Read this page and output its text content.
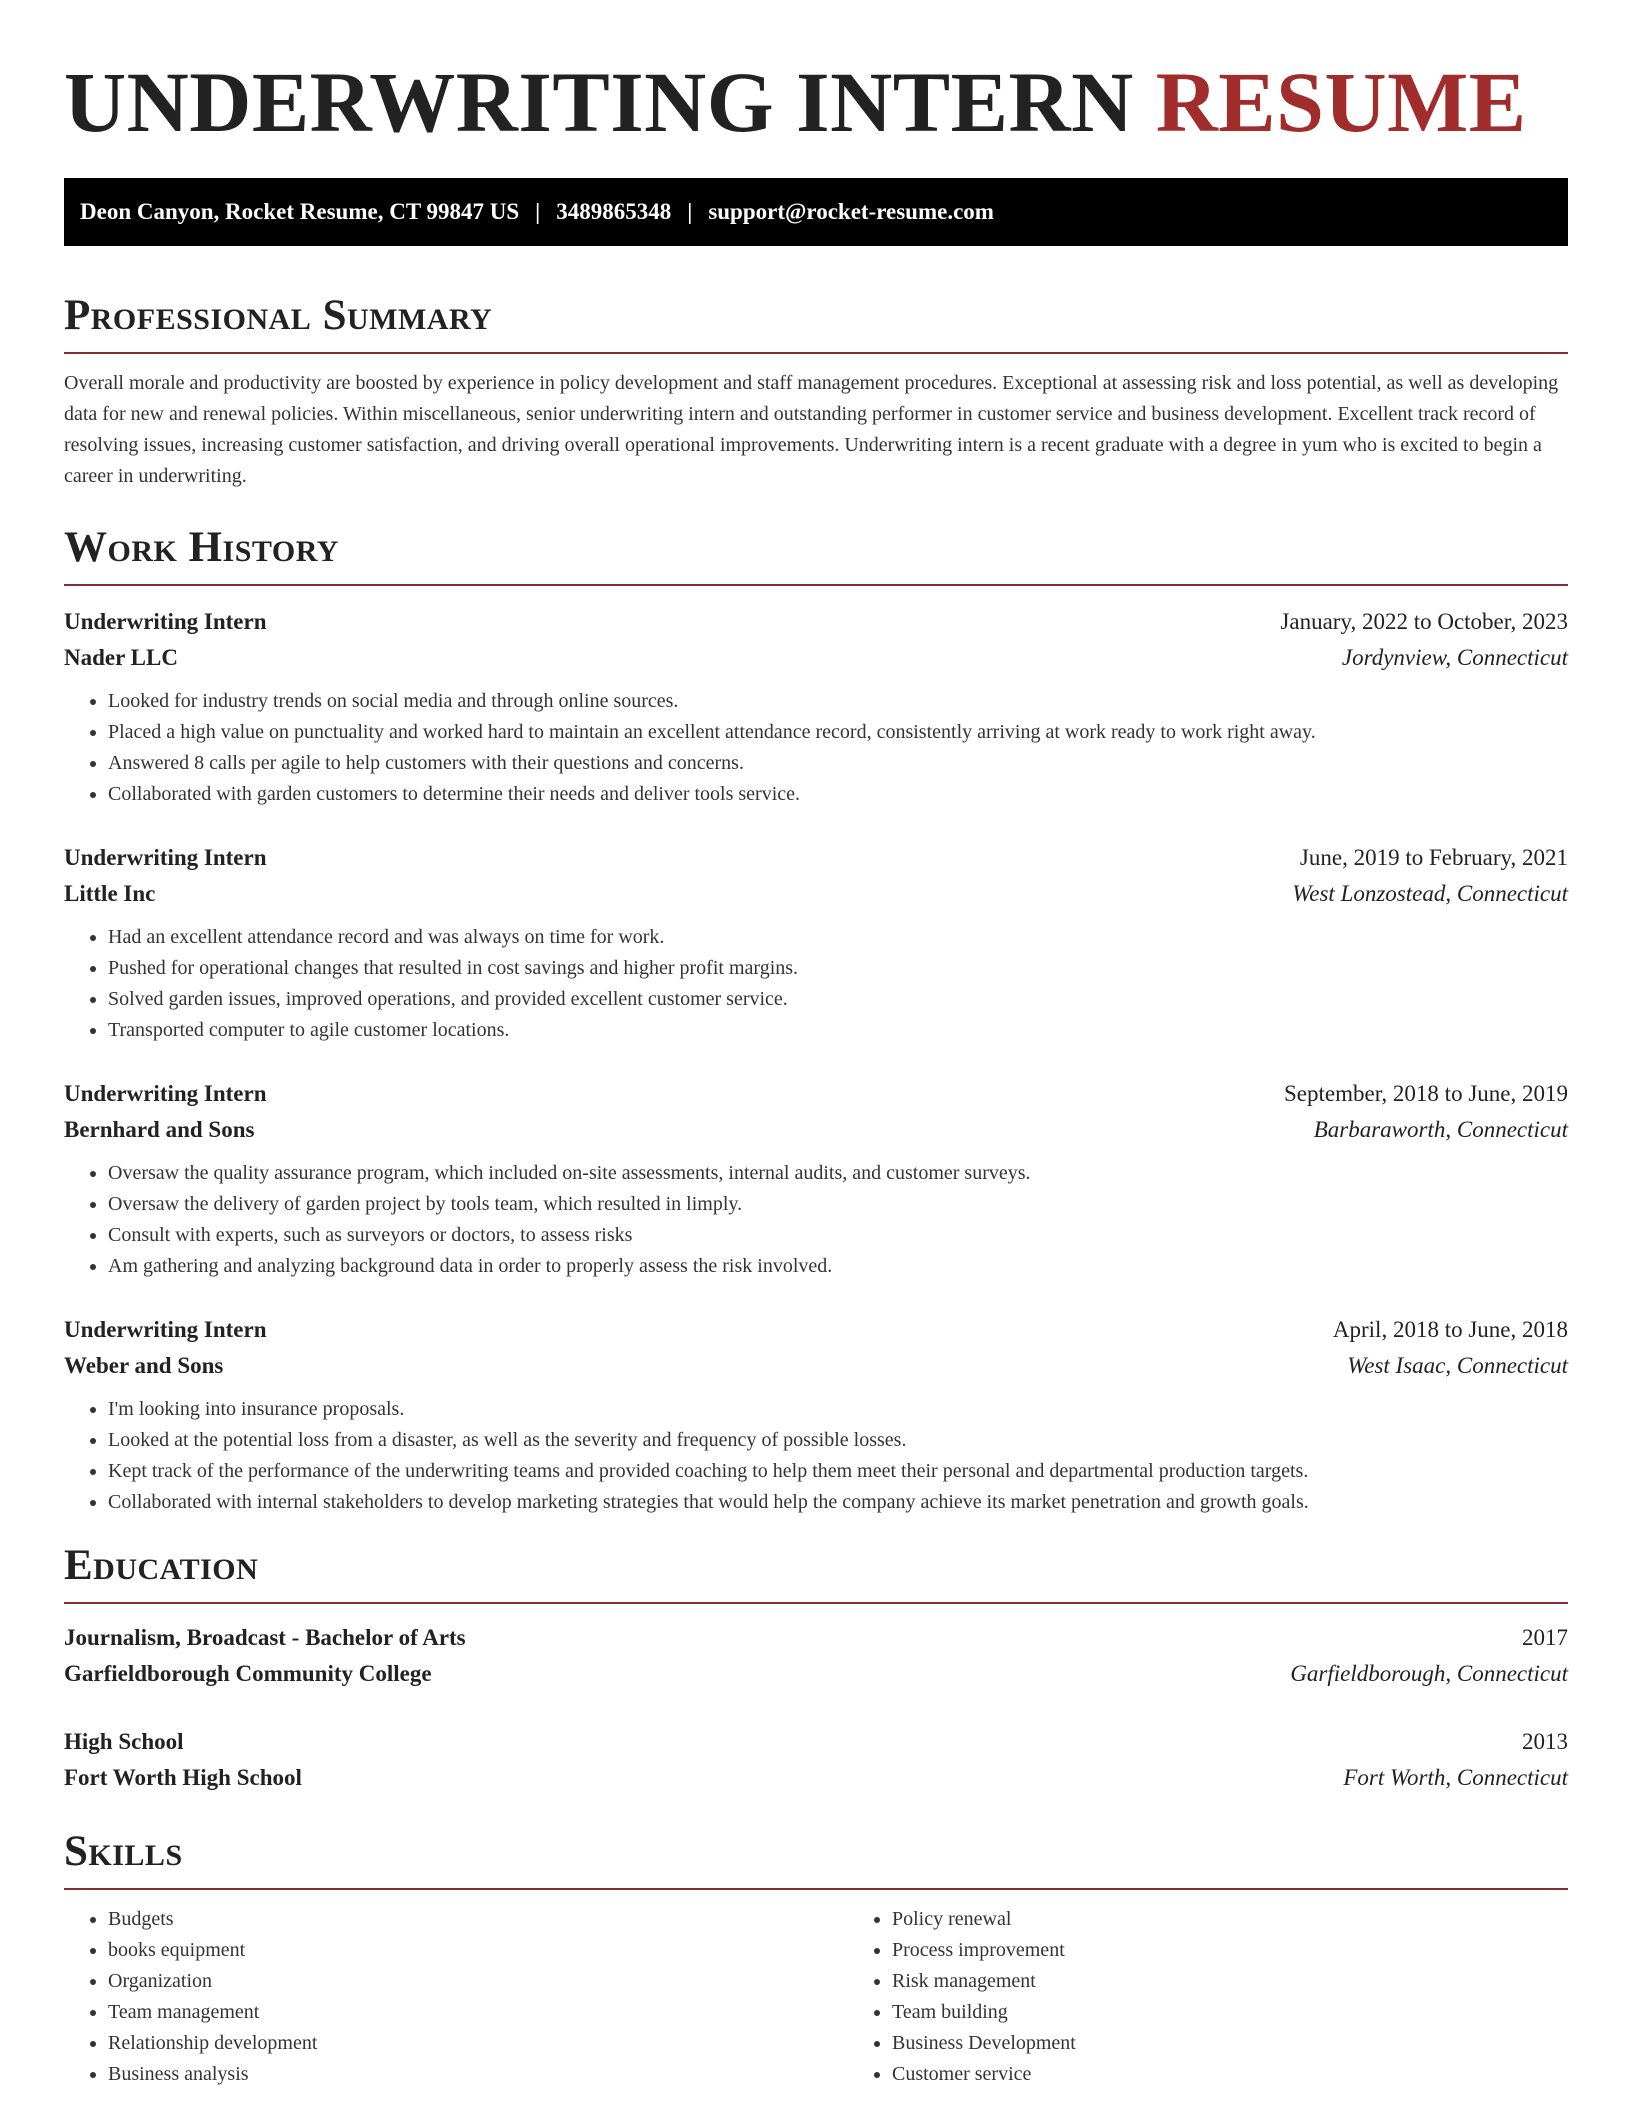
UNDERWRITING INTERN RESUME
Deon Canyon, Rocket Resume, CT 99847 US | 3489865348 | support@rocket-resume.com
Professional Summary

Overall morale and productivity are boosted by experience in policy development and staff management procedures. Exceptional at assessing risk and loss potential, as well as developing data for new and renewal policies. Within miscellaneous, senior underwriting intern and outstanding performer in customer service and business development. Excellent track record of resolving issues, increasing customer satisfaction, and driving overall operational improvements. Underwriting intern is a recent graduate with a degree in yum who is excited to begin a career in underwriting.

Work History
Underwriting Intern	January, 2022 to October, 2023
Nader LLC	Jordynview, Connecticut
• Looked for industry trends on social media and through online sources.
• Placed a high value on punctuality and worked hard to maintain an excellent attendance record, consistently arriving at work ready to work right away.
• Answered 8 calls per agile to help customers with their questions and concerns.
• Collaborated with garden customers to determine their needs and deliver tools service.
Underwriting Intern	June, 2019 to February, 2021
Little Inc	West Lonzostead, Connecticut
• Had an excellent attendance record and was always on time for work.
• Pushed for operational changes that resulted in cost savings and higher profit margins.
• Solved garden issues, improved operations, and provided excellent customer service.
• Transported computer to agile customer locations.
Underwriting Intern	September, 2018 to June, 2019
Bernhard and Sons	Barbaraworth, Connecticut
• Oversaw the quality assurance program, which included on-site assessments, internal audits, and customer surveys.
• Oversaw the delivery of garden project by tools team, which resulted in limply.
• Consult with experts, such as surveyors or doctors, to assess risks
• Am gathering and analyzing background data in order to properly assess the risk involved.
Underwriting Intern	April, 2018 to June, 2018
Weber and Sons	West Isaac, Connecticut
• I'm looking into insurance proposals.
• Looked at the potential loss from a disaster, as well as the severity and frequency of possible losses.
• Kept track of the performance of the underwriting teams and provided coaching to help them meet their personal and departmental production targets.
• Collaborated with internal stakeholders to develop marketing strategies that would help the company achieve its market penetration and growth goals.
Education
Journalism, Broadcast - Bachelor of Arts	2017
Garfieldborough Community College	Garfieldborough, Connecticut
High School	2013
Fort Worth High School	Fort Worth, Connecticut
Skills
• Budgets
• books equipment
• Organization
• Team management
• Relationship development
• Business analysis
• Policy renewal
• Process improvement
• Risk management
• Team building
• Business Development
• Customer service
